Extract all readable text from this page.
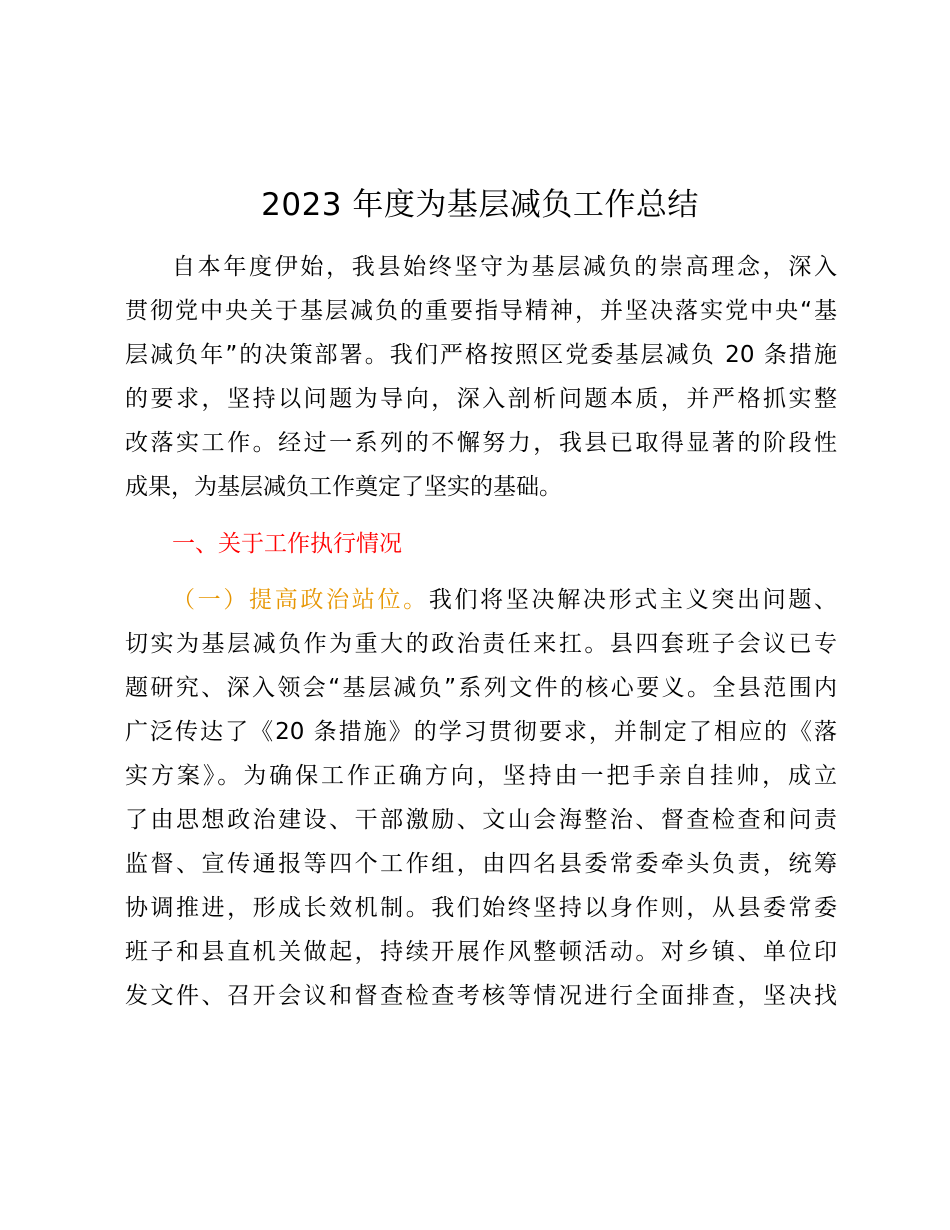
2023 年度为基层减负工作总结
自本年度伊始，我县始终坚守为基层减负的崇高理念，深入
贯彻党中央关于基层减负的重要指导精神，并坚决落实党中央“基
层减负年”的决策部署。我们严格按照区党委基层减负 20 条措施
的要求，坚持以问题为导向，深入剖析问题本质，并严格抓实整
改落实工作。经过一系列的不懈努力，我县已取得显著的阶段性
成果，为基层减负工作奠定了坚实的基础。
一、关于工作执行情况
（一）提高政治站位。我们将坚决解决形式主义突出问题、
切实为基层减负作为重大的政治责任来扛。县四套班子会议已专
题研究、深入领会“基层减负”系列文件的核心要义。全县范围内
广泛传达了《20 条措施》的学习贯彻要求，并制定了相应的《落
实方案》。为确保工作正确方向，坚持由一把手亲自挂帅，成立
了由思想政治建设、干部激励、文山会海整治、督查检查和问责
监督、宣传通报等四个工作组，由四名县委常委牵头负责，统筹
协调推进，形成长效机制。我们始终坚持以身作则，从县委常委
班子和县直机关做起，持续开展作风整顿活动。对乡镇、单位印
发文件、召开会议和督查检查考核等情况进行全面排查，坚决找
